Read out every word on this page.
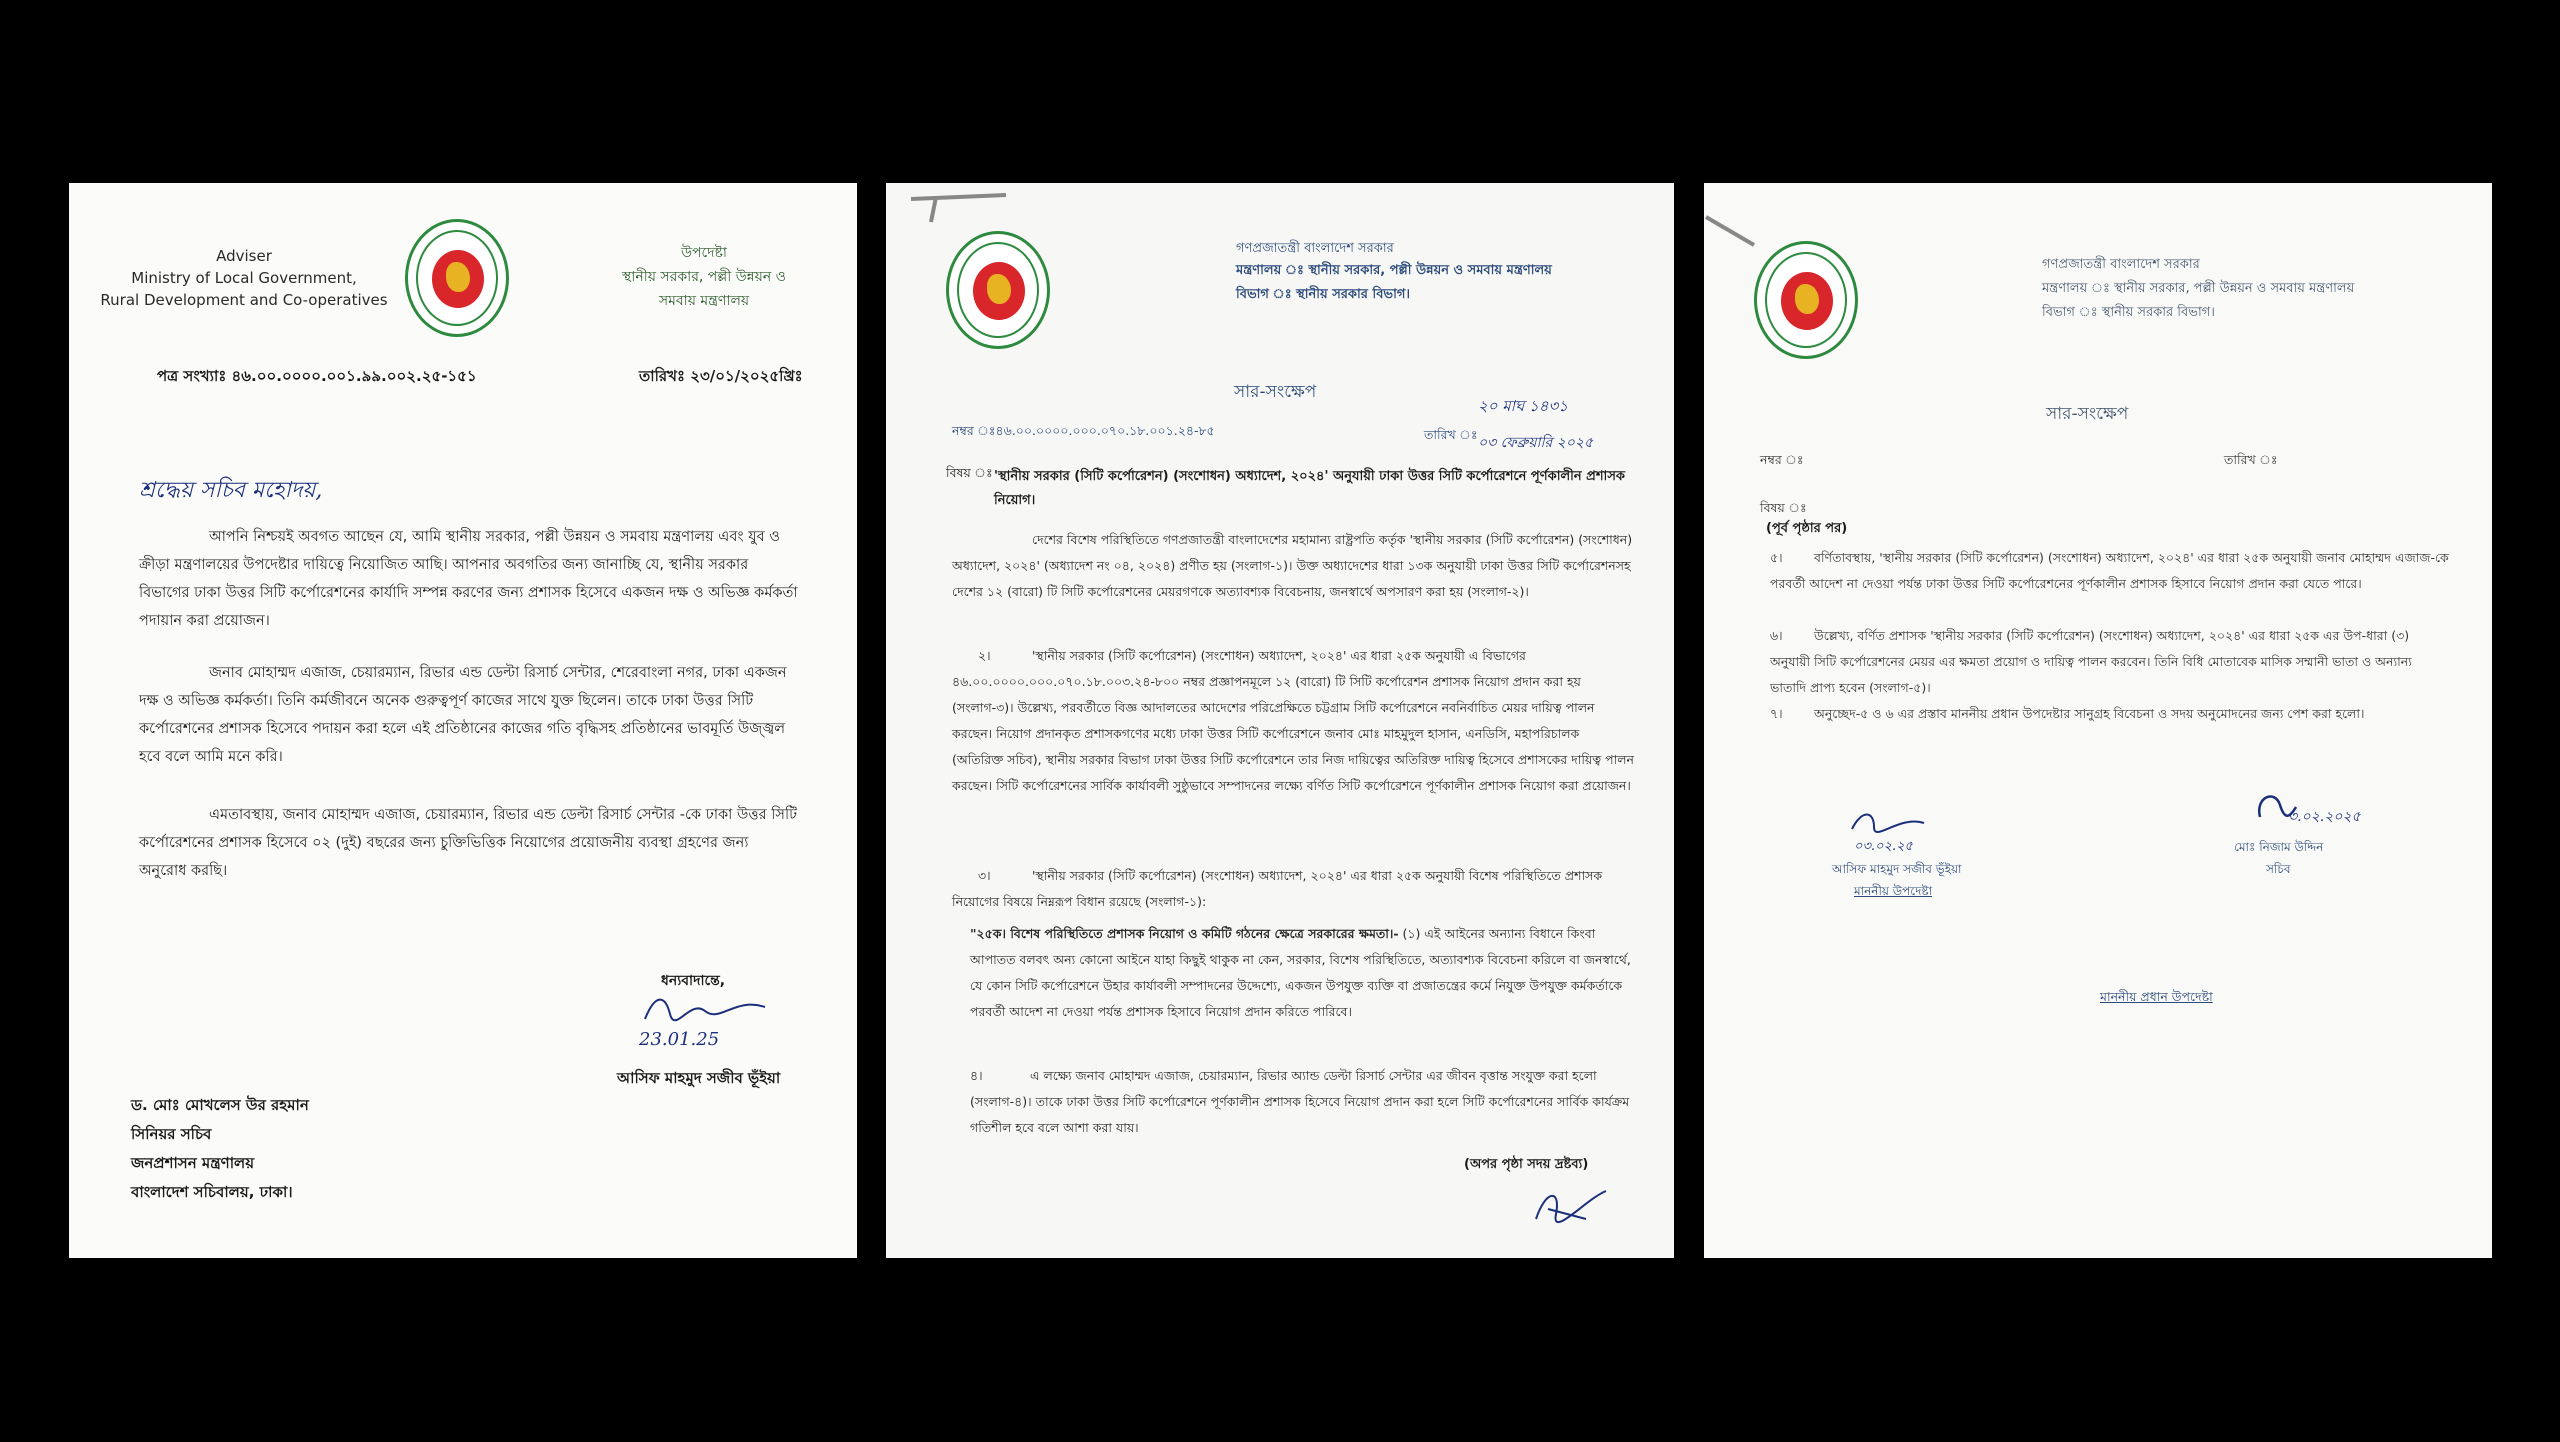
Adviser
Ministry of Local Government,
Rural Development and Co-operatives
উপদেষ্টা
স্থানীয় সরকার, পল্লী উন্নয়ন ও
সমবায় মন্ত্রণালয়
পত্র সংখ্যাঃ ৪৬.০০.০০০০.০০১.৯৯.০০২.২৫-১৫১	তারিখঃ ২৩/০১/২০২৫খ্রিঃ
শ্রদ্ধেয় সচিব মহোদয়,
আপনি নিশ্চয়ই অবগত আছেন যে, আমি স্থানীয় সরকার, পল্লী উন্নয়ন ও সমবায় মন্ত্রণালয় এবং যুব ও ক্রীড়া মন্ত্রণালয়ের উপদেষ্টার দায়িত্বে নিয়োজিত আছি। আপনার অবগতির জন্য জানাচ্ছি যে, স্থানীয় সরকার বিভাগের ঢাকা উত্তর সিটি কর্পোরেশনের কার্যাদি সম্পন্ন করণের জন্য প্রশাসক হিসেবে একজন দক্ষ ও অভিজ্ঞ কর্মকর্তা পদায়ান করা প্রয়োজন।
জনাব মোহাম্মদ এজাজ, চেয়ারম্যান, রিভার এন্ড ডেল্টা রিসার্চ সেন্টার, শেরেবাংলা নগর, ঢাকা একজন দক্ষ ও অভিজ্ঞ কর্মকর্তা। তিনি কর্মজীবনে অনেক গুরুত্বপূর্ণ কাজের সাথে যুক্ত ছিলেন। তাকে ঢাকা উত্তর সিটি কর্পোরেশনের প্রশাসক হিসেবে পদায়ন করা হলে এই প্রতিষ্ঠানের কাজের গতি বৃদ্ধিসহ প্রতিষ্ঠানের ভাবমূর্তি উজ্জ্বল হবে বলে আমি মনে করি।
এমতাবস্থায়, জনাব মোহাম্মদ এজাজ, চেয়ারম্যান, রিভার এন্ড ডেল্টা রিসার্চ সেন্টার -কে ঢাকা উত্তর সিটি কর্পোরেশনের প্রশাসক হিসেবে ০২ (দুই) বছরের জন্য চুক্তিভিত্তিক নিয়োগের প্রয়োজনীয় ব্যবস্থা গ্রহণের জন্য অনুরোধ করছি।
ধন্যবাদান্তে,
23.01.25
আসিফ মাহমুদ সজীব ভূঁইয়া
ড. মোঃ মোখলেস উর রহমান
সিনিয়র সচিব
জনপ্রশাসন মন্ত্রণালয়
বাংলাদেশ সচিবালয়, ঢাকা।
গণপ্রজাতন্ত্রী বাংলাদেশ সরকার
মন্ত্রণালয় ঃ স্থানীয় সরকার, পল্লী উন্নয়ন ও সমবায় মন্ত্রণালয়
বিভাগ ঃ স্থানীয় সরকার বিভাগ।
সার-সংক্ষেপ
নম্বর ঃ৪৬.০০.০০০০.০০০.০৭০.১৮.০০১.২৪-৮৫
২০ মাঘ ১৪৩১
তারিখ ঃ
০৩ ফেব্রুয়ারি ২০২৫
বিষয় ঃ 'স্থানীয় সরকার (সিটি কর্পোরেশন) (সংশোধন) অধ্যাদেশ, ২০২৪' অনুযায়ী ঢাকা উত্তর সিটি কর্পোরেশনে পূর্ণকালীন প্রশাসক নিয়োগ।
দেশের বিশেষ পরিস্থিতিতে গণপ্রজাতন্ত্রী বাংলাদেশের মহামান্য রাষ্ট্রপতি কর্তৃক 'স্থানীয় সরকার (সিটি কর্পোরেশন) (সংশোধন) অধ্যাদেশ, ২০২৪' (অধ্যাদেশ নং ০৪, ২০২৪) প্রণীত হয় (সংলাগ-১)। উক্ত অধ্যাদেশের ধারা ১৩ক অনুযায়ী ঢাকা উত্তর সিটি কর্পোরেশনসহ দেশের ১২ (বারো) টি সিটি কর্পোরেশনের মেয়রগণকে অত্যাবশ্যক বিবেচনায়, জনস্বার্থে অপসারণ করা হয় (সংলাগ-২)।
২।	'স্থানীয় সরকার (সিটি কর্পোরেশন) (সংশোধন) অধ্যাদেশ, ২০২৪' এর ধারা ২৫ক অনুযায়ী এ বিভাগের ৪৬.০০.০০০০.০০০.০৭০.১৮.০০৩.২৪-৮০০ নম্বর প্রজ্ঞাপনমূলে ১২ (বারো) টি সিটি কর্পোরেশন প্রশাসক নিয়োগ প্রদান করা হয় (সংলাগ-৩)। উল্লেখ্য, পরবর্তীতে বিজ্ঞ আদালতের আদেশের পরিপ্রেক্ষিতে চট্টগ্রাম সিটি কর্পোরেশনে নবনির্বাচিত মেয়র দায়িত্ব পালন করছেন। নিয়োগ প্রদানকৃত প্রশাসকগণের মধ্যে ঢাকা উত্তর সিটি কর্পোরেশনে জনাব মোঃ মাহমুদুল হাসান, এনডিসি, মহাপরিচালক (অতিরিক্ত সচিব), স্থানীয় সরকার বিভাগ ঢাকা উত্তর সিটি কর্পোরেশনে তার নিজ দায়িত্বের অতিরিক্ত দায়িত্ব হিসেবে প্রশাসকের দায়িত্ব পালন করছেন। সিটি কর্পোরেশনের সার্বিক কার্যাবলী সুষ্ঠুভাবে সম্পাদনের লক্ষ্যে বর্ণিত সিটি কর্পোরেশনে পূর্ণকালীন প্রশাসক নিয়োগ করা প্রয়োজন।
৩।	'স্থানীয় সরকার (সিটি কর্পোরেশন) (সংশোধন) অধ্যাদেশ, ২০২৪' এর ধারা ২৫ক অনুযায়ী বিশেষ পরিস্থিতিতে প্রশাসক নিয়োগের বিষয়ে নিম্নরূপ বিধান রয়েছে (সংলাগ-১):
"২৫ক। বিশেষ পরিস্থিতিতে প্রশাসক নিয়োগ ও কমিটি গঠনের ক্ষেত্রে সরকারের ক্ষমতা।- (১) এই আইনের অন্যান্য বিধানে কিংবা আপাতত বলবৎ অন্য কোনো আইনে যাহা কিছুই থাকুক না কেন, সরকার, বিশেষ পরিস্থিতিতে, অত্যাবশ্যক বিবেচনা করিলে বা জনস্বার্থে, যে কোন সিটি কর্পোরেশনে উহার কার্যাবলী সম্পাদনের উদ্দেশ্যে, একজন উপযুক্ত ব্যক্তি বা প্রজাতন্ত্রের কর্মে নিযুক্ত উপযুক্ত কর্মকর্তাকে পরবর্তী আদেশ না দেওয়া পর্যন্ত প্রশাসক হিসাবে নিয়োগ প্রদান করিতে পারিবে।
৪।	এ লক্ষ্যে জনাব মোহাম্মদ এজাজ, চেয়ারম্যান, রিভার অ্যান্ড ডেল্টা রিসার্চ সেন্টার এর জীবন বৃত্তান্ত সংযুক্ত করা হলো (সংলাগ-৪)। তাকে ঢাকা উত্তর সিটি কর্পোরেশনে পূর্ণকালীন প্রশাসক হিসেবে নিয়োগ প্রদান করা হলে সিটি কর্পোরেশনের সার্বিক কার্যক্রম গতিশীল হবে বলে আশা করা যায়।
(অপর পৃষ্ঠা সদয় দ্রষ্টব্য)
গণপ্রজাতন্ত্রী বাংলাদেশ সরকার
মন্ত্রণালয় ঃ স্থানীয় সরকার, পল্লী উন্নয়ন ও সমবায় মন্ত্রণালয়
বিভাগ ঃ স্থানীয় সরকার বিভাগ।
সার-সংক্ষেপ
নম্বর ঃ	তারিখ ঃ
বিষয় ঃ
(পূর্ব পৃষ্ঠার পর)
৫।	বর্ণিতাবস্থায়, 'স্থানীয় সরকার (সিটি কর্পোরেশন) (সংশোধন) অধ্যাদেশ, ২০২৪' এর ধারা ২৫ক অনুযায়ী জনাব মোহাম্মদ এজাজ-কে পরবর্তী আদেশ না দেওয়া পর্যন্ত ঢাকা উত্তর সিটি কর্পোরেশনের পূর্ণকালীন প্রশাসক হিসাবে নিয়োগ প্রদান করা যেতে পারে।
৬।	উল্লেখ্য, বর্ণিত প্রশাসক 'স্থানীয় সরকার (সিটি কর্পোরেশন) (সংশোধন) অধ্যাদেশ, ২০২৪' এর ধারা ২৫ক এর উপ-ধারা (৩) অনুযায়ী সিটি কর্পোরেশনের মেয়র এর ক্ষমতা প্রয়োগ ও দায়িত্ব পালন করবেন। তিনি বিধি মোতাবেক মাসিক সম্মানী ভাতা ও অন্যান্য ভাতাদি প্রাপ্য হবেন (সংলাগ-৫)।
৭।	অনুচ্ছেদ-৫ ও ৬ এর প্রস্তাব মাননীয় প্রধান উপদেষ্টার সানুগ্রহ বিবেচনা ও সদয় অনুমোদনের জন্য পেশ করা হলো।
০৩.০২.২৫
আসিফ মাহমুদ সজীব ভূঁইয়া
মাননীয় উপদেষ্টা
৩.০২.২০২৫
মোঃ নিজাম উদ্দিন
সচিব
মাননীয় প্রধান উপদেষ্টা
